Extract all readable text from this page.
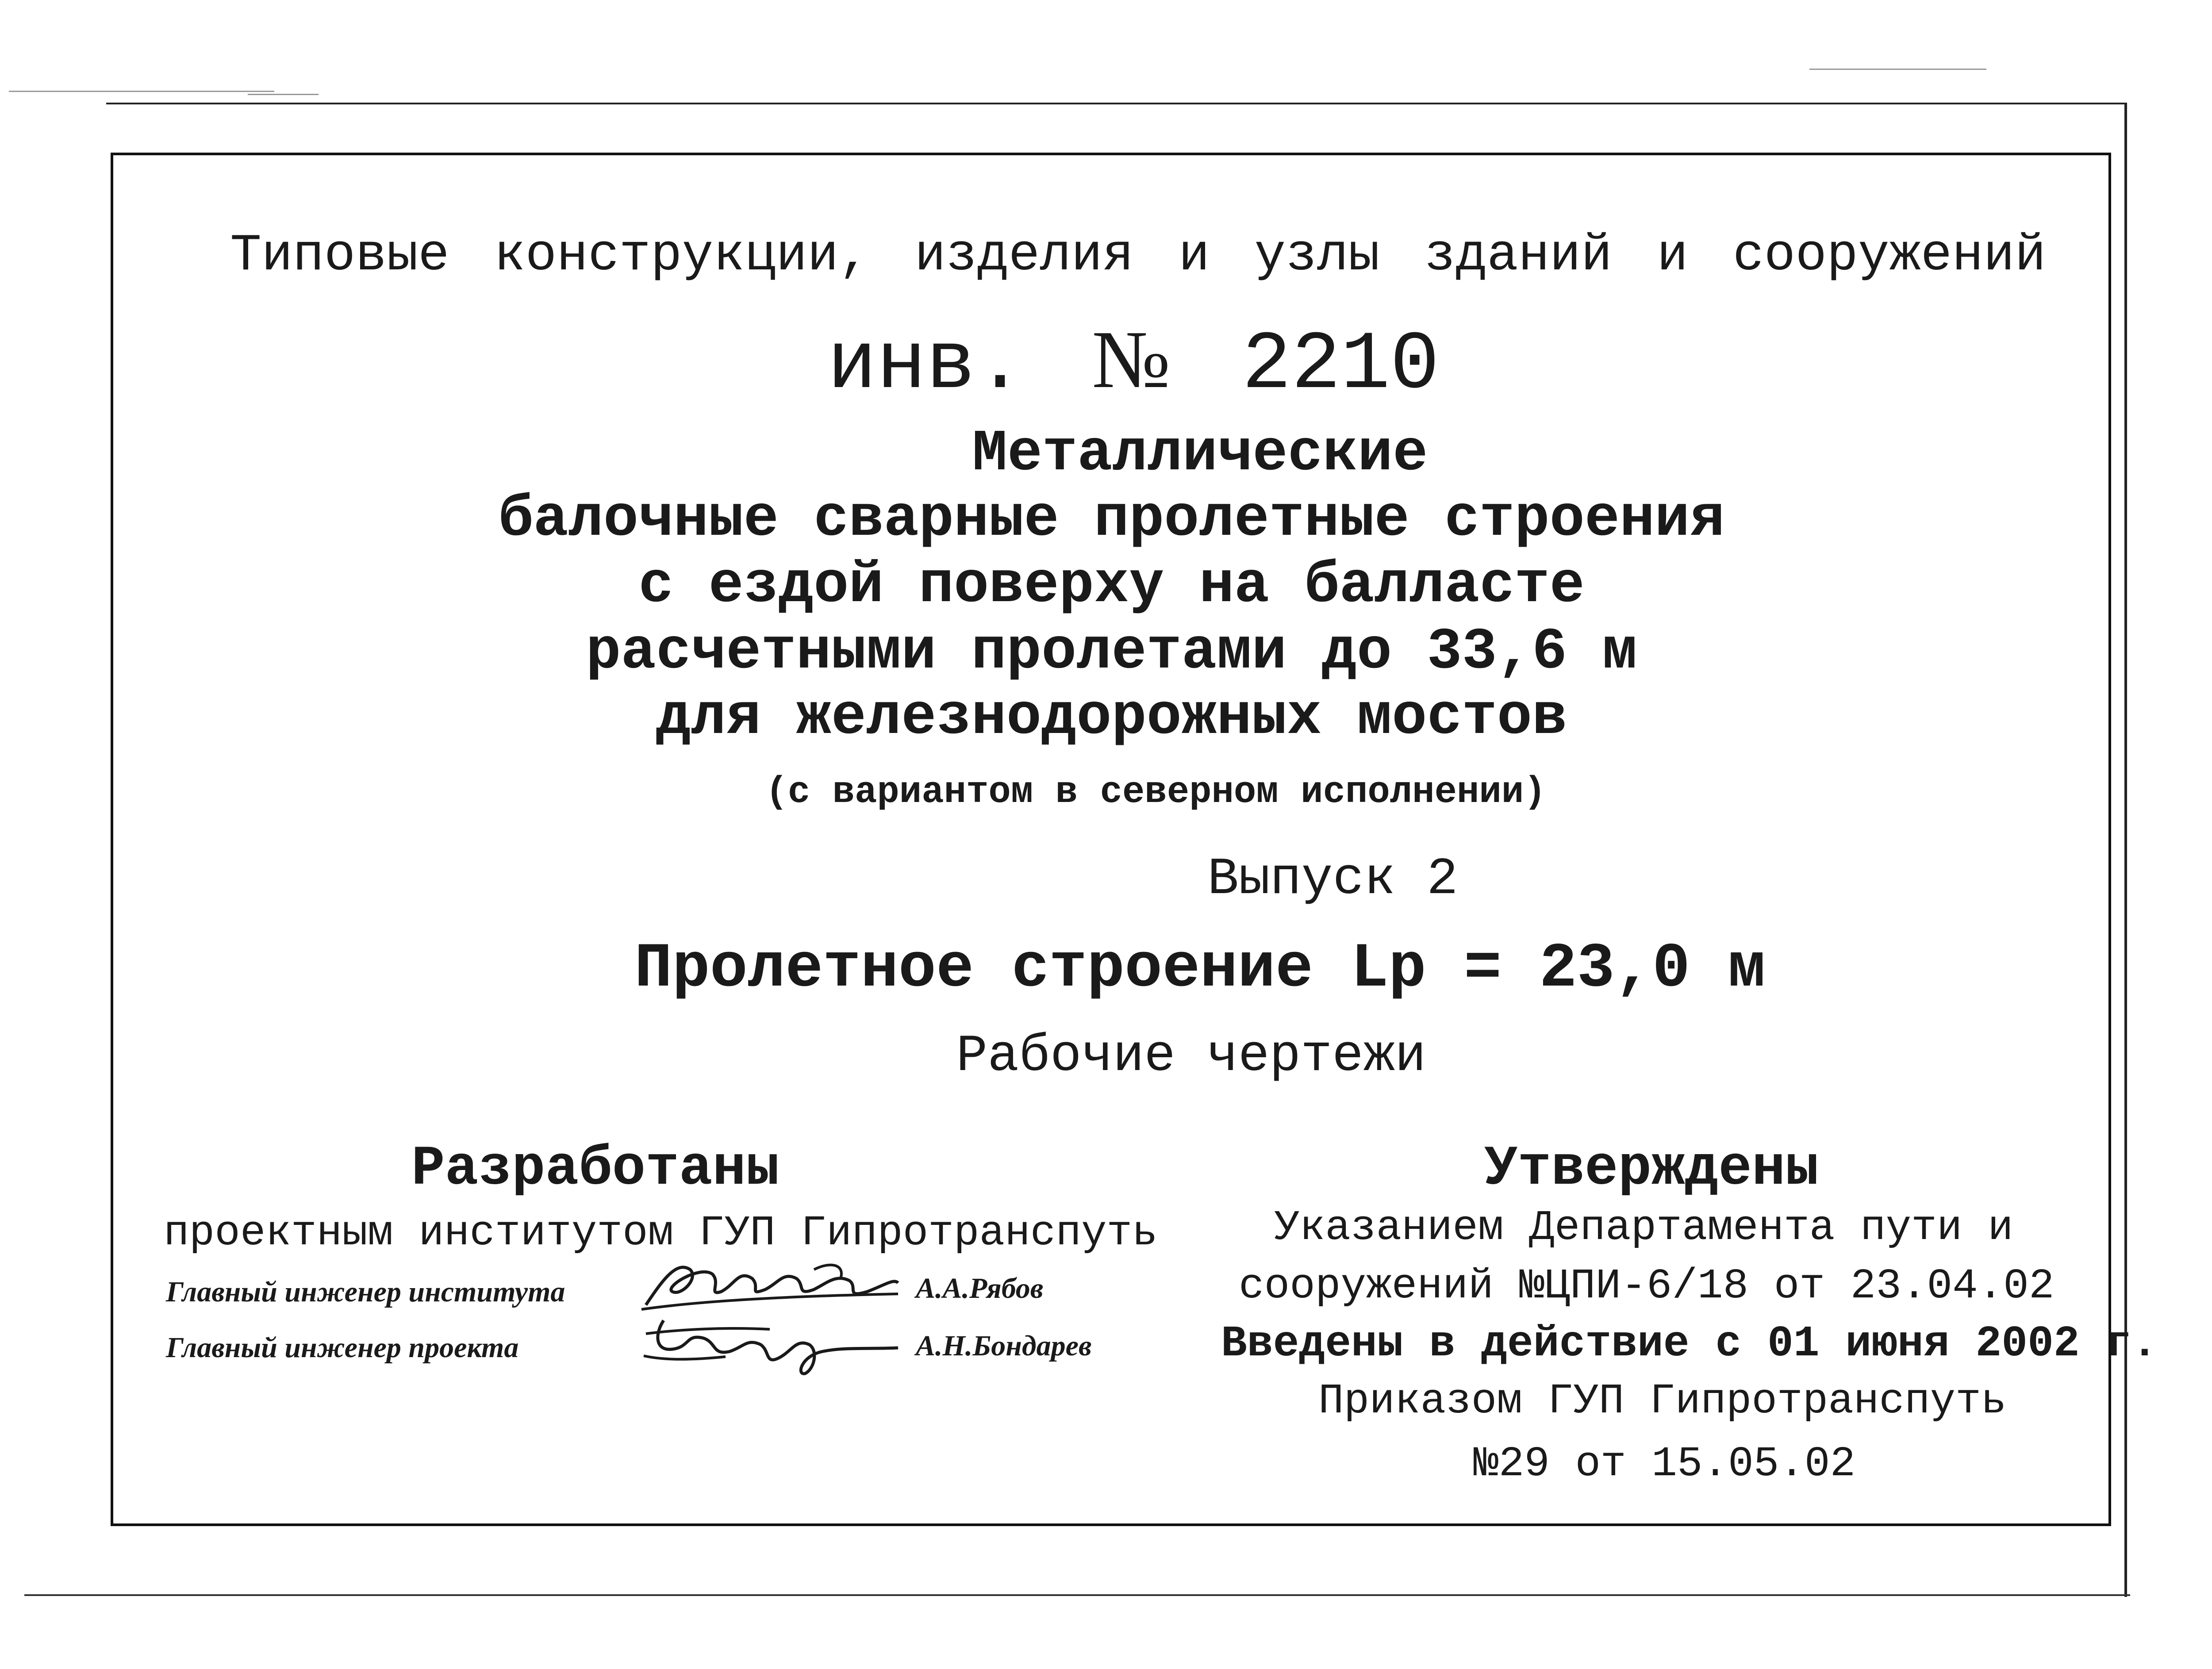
Типовые конструкции, изделия и узлы зданий и сооружений
инв. № 2210
Металлические
балочные сварные пролетные строения
с ездой поверху на балласте
расчетными пролетами до 33,6 м
для железнодорожных мостов
(с вариантом в северном исполнении)
Выпуск 2
Пролетное строение Lp = 23,0 м
Рабочие чертежи
Разработаны
проектным институтом ГУП Гипротранспуть
Главный инженер института	А.А.Рябов
Главный инженер проекта	А.Н.Бондарев
Утверждены
Указанием Департамента пути и
сооружений №ЦПИ-6/18 от 23.04.02
Введены в действие с 01 июня 2002 г.
Приказом ГУП Гипротранспуть
№29 от 15.05.02
